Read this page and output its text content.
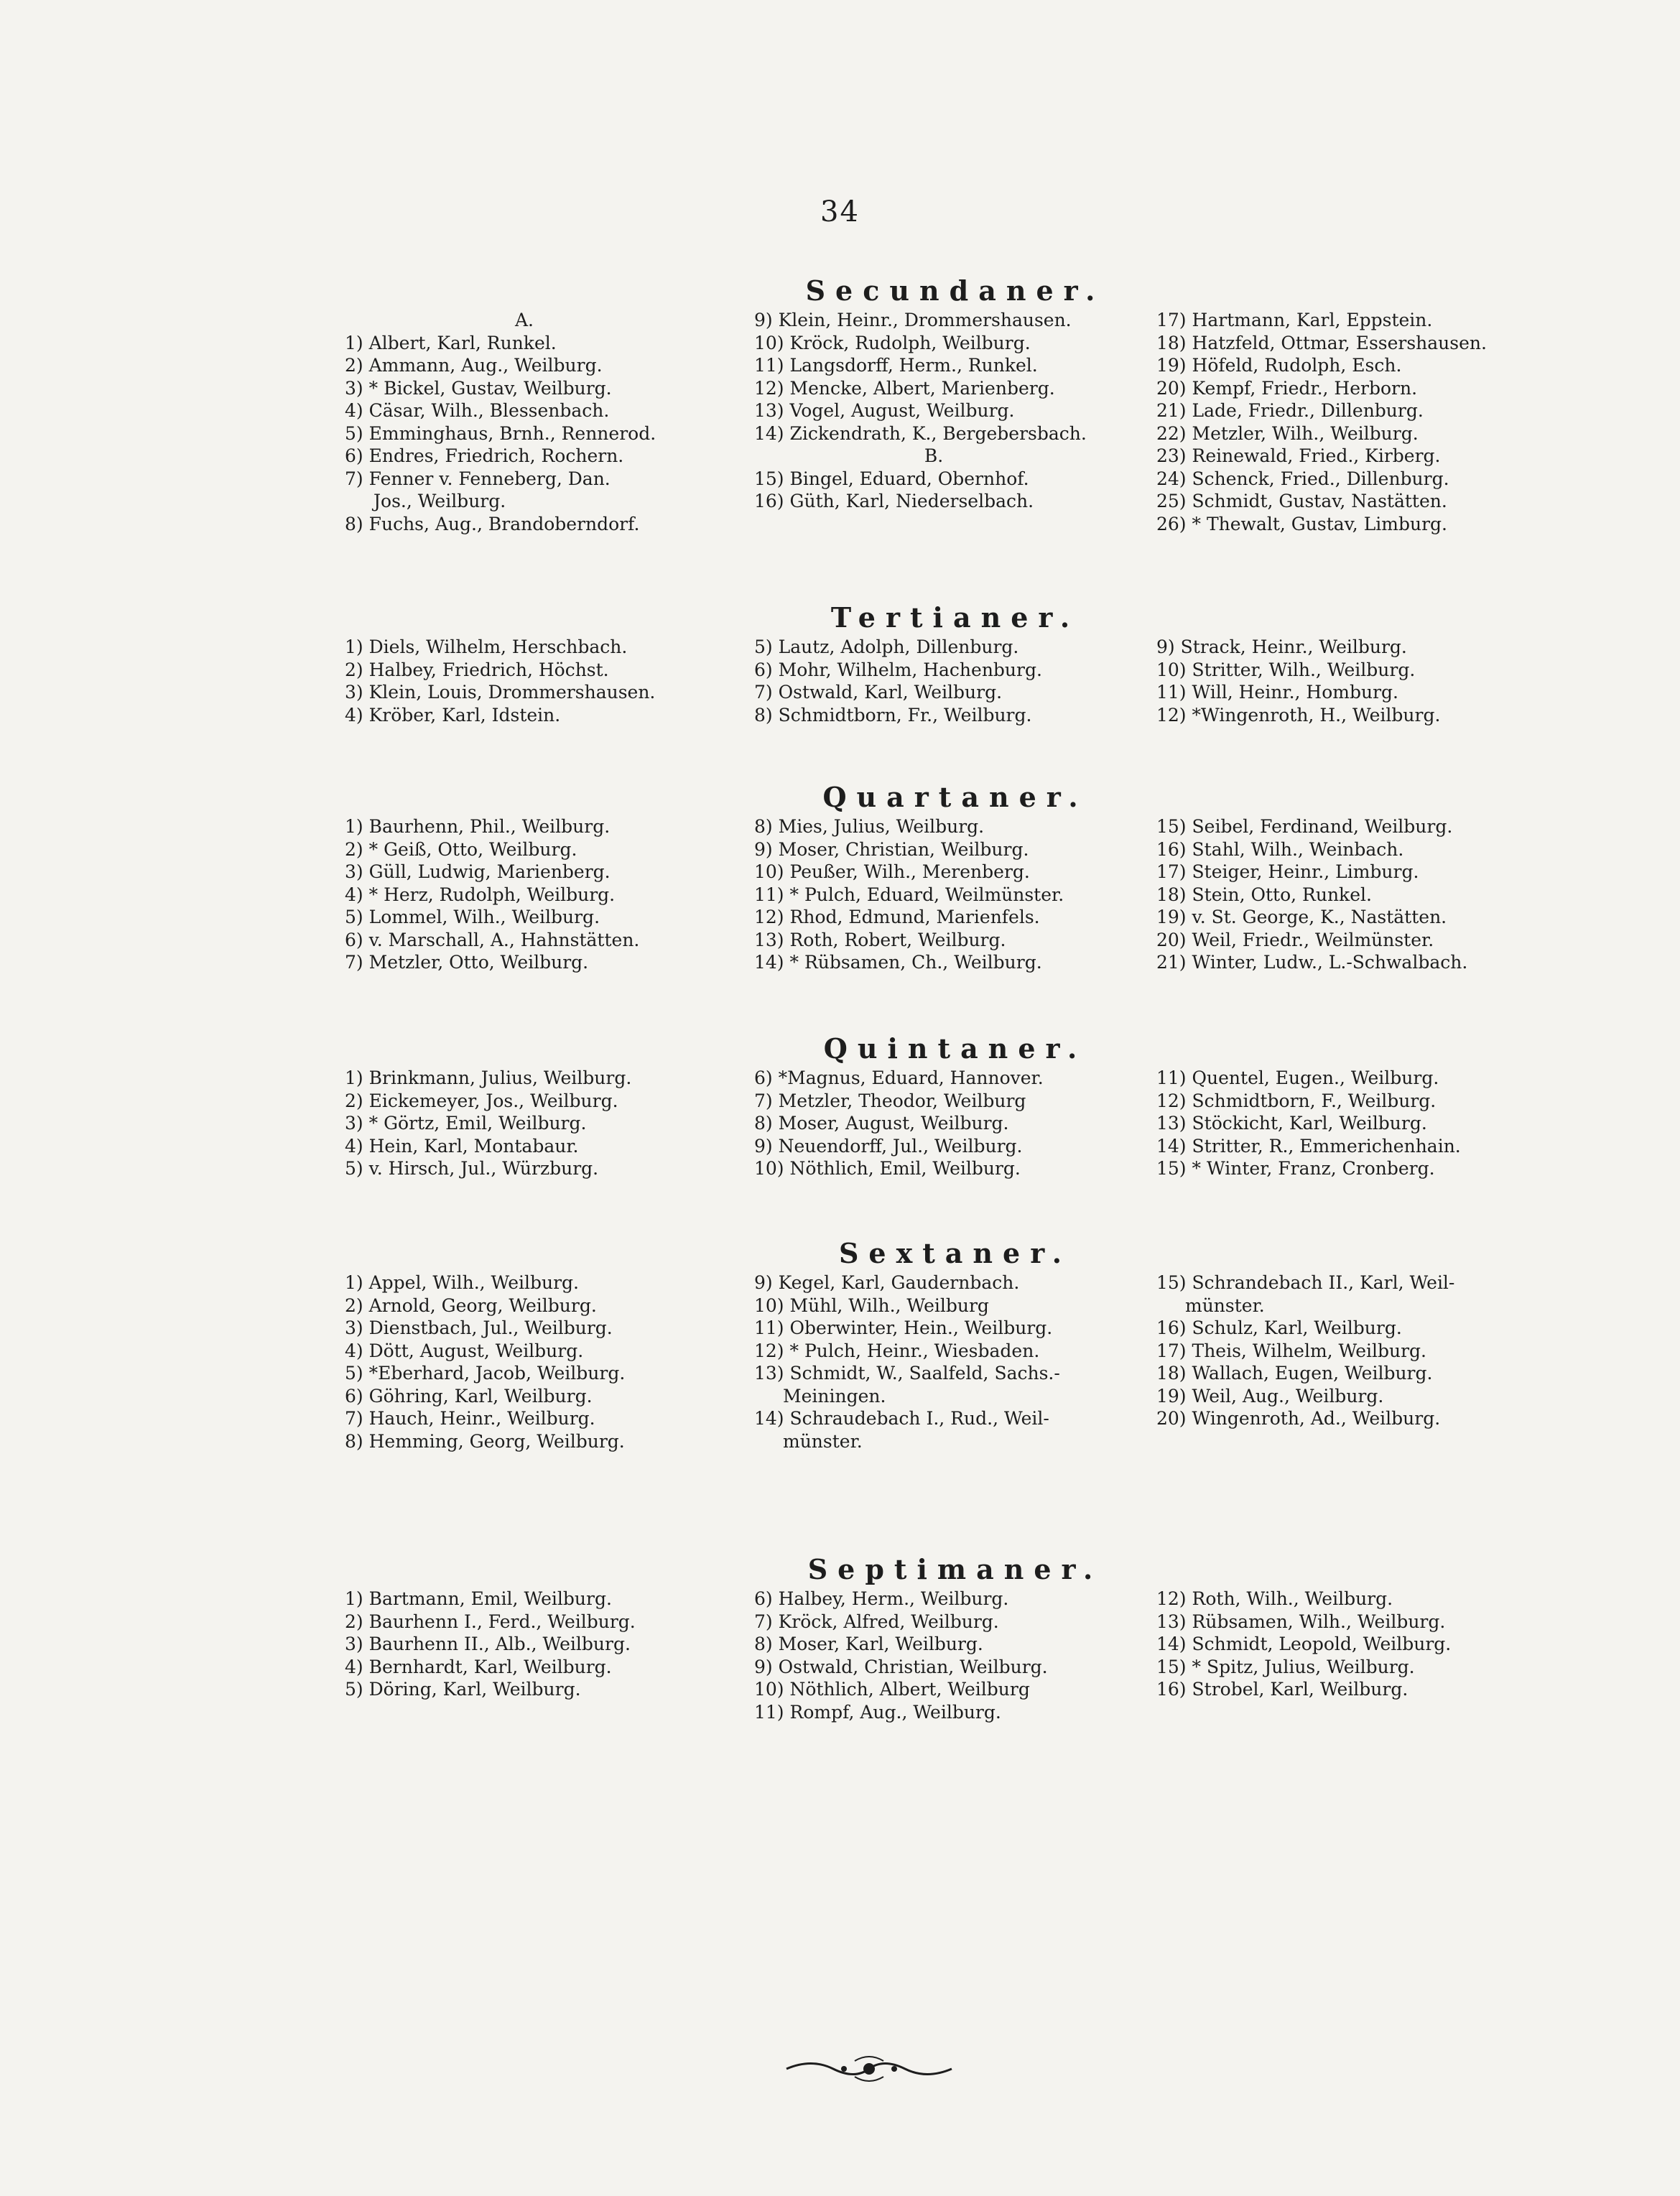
34
Secundaner.
A.
1) Albert, Karl, Runkel.
2) Ammann, Aug., Weilburg.
3) * Bickel, Gustav, Weilburg.
4) Cäsar, Wilh., Blessenbach.
5) Emminghaus, Brnh., Rennerod.
6) Endres, Friedrich, Rochern.
7) Fenner v. Fenneberg, Dan.
Jos., Weilburg.
8) Fuchs, Aug., Brandoberndorf.
9) Klein, Heinr., Drommershausen.
10) Kröck, Rudolph, Weilburg.
11) Langsdorff, Herm., Runkel.
12) Mencke, Albert, Marienberg.
13) Vogel, August, Weilburg.
14) Zickendrath, K., Bergebersbach.
B.
15) Bingel, Eduard, Obernhof.
16) Güth, Karl, Niederselbach.
17) Hartmann, Karl, Eppstein.
18) Hatzfeld, Ottmar, Essershausen.
19) Höfeld, Rudolph, Esch.
20) Kempf, Friedr., Herborn.
21) Lade, Friedr., Dillenburg.
22) Metzler, Wilh., Weilburg.
23) Reinewald, Fried., Kirberg.
24) Schenck, Fried., Dillenburg.
25) Schmidt, Gustav, Nastätten.
26) * Thewalt, Gustav, Limburg.
Tertianer.
1) Diels, Wilhelm, Herschbach.
2) Halbey, Friedrich, Höchst.
3) Klein, Louis, Drommershausen.
4) Kröber, Karl, Idstein.
5) Lautz, Adolph, Dillenburg.
6) Mohr, Wilhelm, Hachenburg.
7) Ostwald, Karl, Weilburg.
8) Schmidtborn, Fr., Weilburg.
9) Strack, Heinr., Weilburg.
10) Stritter, Wilh., Weilburg.
11) Will, Heinr., Homburg.
12) *Wingenroth, H., Weilburg.
Quartaner.
1) Baurhenn, Phil., Weilburg.
2) * Geiß, Otto, Weilburg.
3) Güll, Ludwig, Marienberg.
4) * Herz, Rudolph, Weilburg.
5) Lommel, Wilh., Weilburg.
6) v. Marschall, A., Hahnstätten.
7) Metzler, Otto, Weilburg.
8) Mies, Julius, Weilburg.
9) Moser, Christian, Weilburg.
10) Peußer, Wilh., Merenberg.
11) * Pulch, Eduard, Weilmünster.
12) Rhod, Edmund, Marienfels.
13) Roth, Robert, Weilburg.
14) * Rübsamen, Ch., Weilburg.
15) Seibel, Ferdinand, Weilburg.
16) Stahl, Wilh., Weinbach.
17) Steiger, Heinr., Limburg.
18) Stein, Otto, Runkel.
19) v. St. George, K., Nastätten.
20) Weil, Friedr., Weilmünster.
21) Winter, Ludw., L.-Schwalbach.
Quintaner.
1) Brinkmann, Julius, Weilburg.
2) Eickemeyer, Jos., Weilburg.
3) * Görtz, Emil, Weilburg.
4) Hein, Karl, Montabaur.
5) v. Hirsch, Jul., Würzburg.
6) *Magnus, Eduard, Hannover.
7) Metzler, Theodor, Weilburg
8) Moser, August, Weilburg.
9) Neuendorff, Jul., Weilburg.
10) Nöthlich, Emil, Weilburg.
11) Quentel, Eugen., Weilburg.
12) Schmidtborn, F., Weilburg.
13) Stöckicht, Karl, Weilburg.
14) Stritter, R., Emmerichenhain.
15) * Winter, Franz, Cronberg.
Sextaner.
1) Appel, Wilh., Weilburg.
2) Arnold, Georg, Weilburg.
3) Dienstbach, Jul., Weilburg.
4) Dött, August, Weilburg.
5) *Eberhard, Jacob, Weilburg.
6) Göhring, Karl, Weilburg.
7) Hauch, Heinr., Weilburg.
8) Hemming, Georg, Weilburg.
9) Kegel, Karl, Gaudernbach.
10) Mühl, Wilh., Weilburg
11) Oberwinter, Hein., Weilburg.
12) * Pulch, Heinr., Wiesbaden.
13) Schmidt, W., Saalfeld, Sachs.-
Meiningen.
14) Schraudebach I., Rud., Weil-
münster.
15) Schrandebach II., Karl, Weil-
münster.
16) Schulz, Karl, Weilburg.
17) Theis, Wilhelm, Weilburg.
18) Wallach, Eugen, Weilburg.
19) Weil, Aug., Weilburg.
20) Wingenroth, Ad., Weilburg.
Septimaner.
1) Bartmann, Emil, Weilburg.
2) Baurhenn I., Ferd., Weilburg.
3) Baurhenn II., Alb., Weilburg.
4) Bernhardt, Karl, Weilburg.
5) Döring, Karl, Weilburg.
6) Halbey, Herm., Weilburg.
7) Kröck, Alfred, Weilburg.
8) Moser, Karl, Weilburg.
9) Ostwald, Christian, Weilburg.
10) Nöthlich, Albert, Weilburg
11) Rompf, Aug., Weilburg.
12) Roth, Wilh., Weilburg.
13) Rübsamen, Wilh., Weilburg.
14) Schmidt, Leopold, Weilburg.
15) * Spitz, Julius, Weilburg.
16) Strobel, Karl, Weilburg.
